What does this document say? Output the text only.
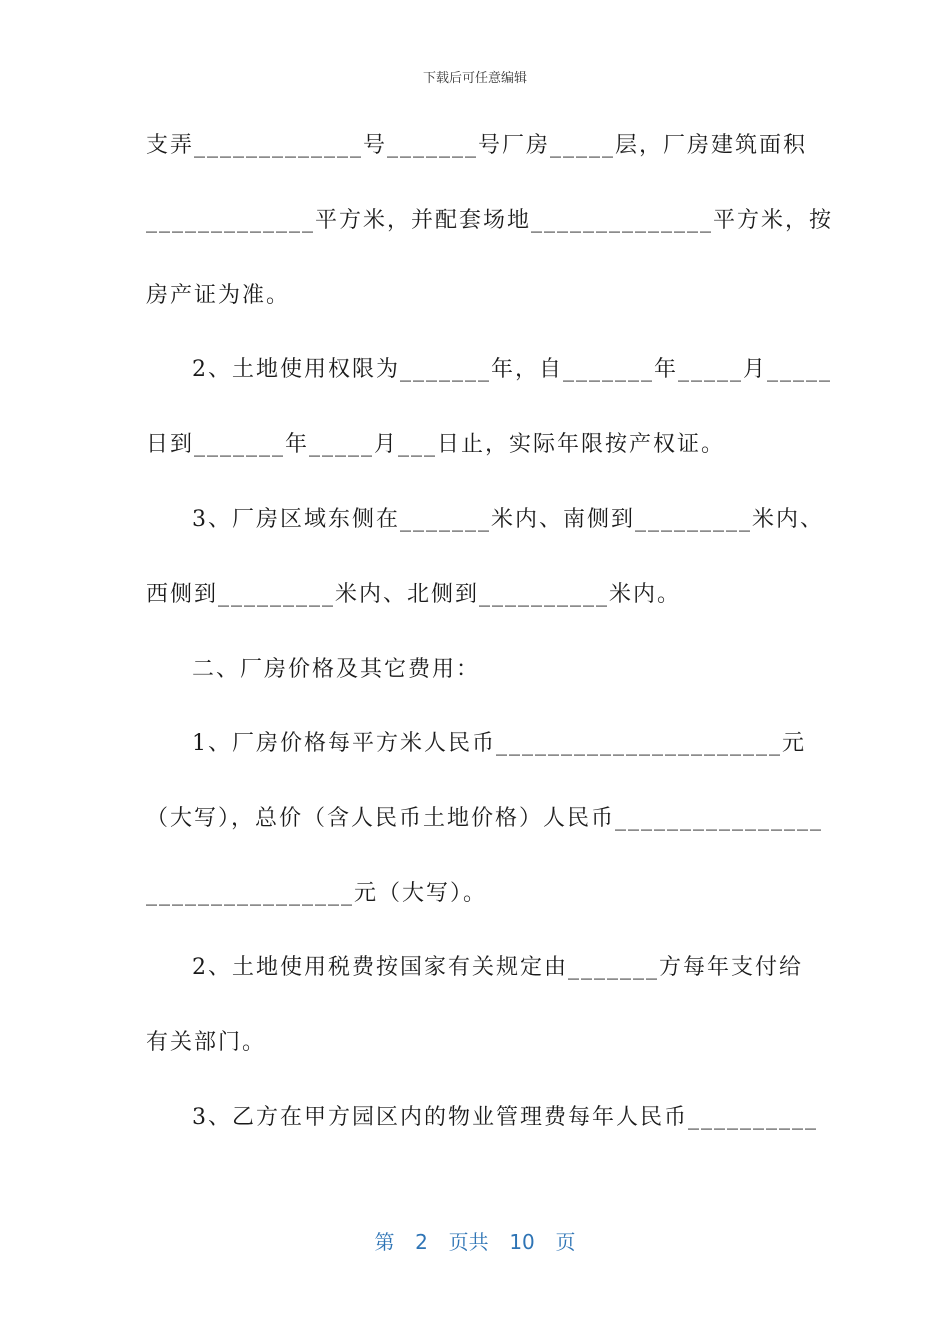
下载后可任意编辑
支弄_____________号_______号厂房_____层，厂房建筑面积
_____________平方米，并配套场地______________平方米，按
房产证为准。
2、土地使用权限为_______年，自_______年_____月_____
日到_______年_____月___日止，实际年限按产权证。
3、厂房区域东侧在_______米内、南侧到_________米内、
西侧到_________米内、北侧到__________米内。
二、厂房价格及其它费用：
1、厂房价格每平方米人民币______________________元
（大写），总价（含人民币土地价格）人民币________________
________________元（大写）。
2、土地使用税费按国家有关规定由_______方每年支付给
有关部门。
3、乙方在甲方园区内的物业管理费每年人民币__________
第  2  页共  10  页
